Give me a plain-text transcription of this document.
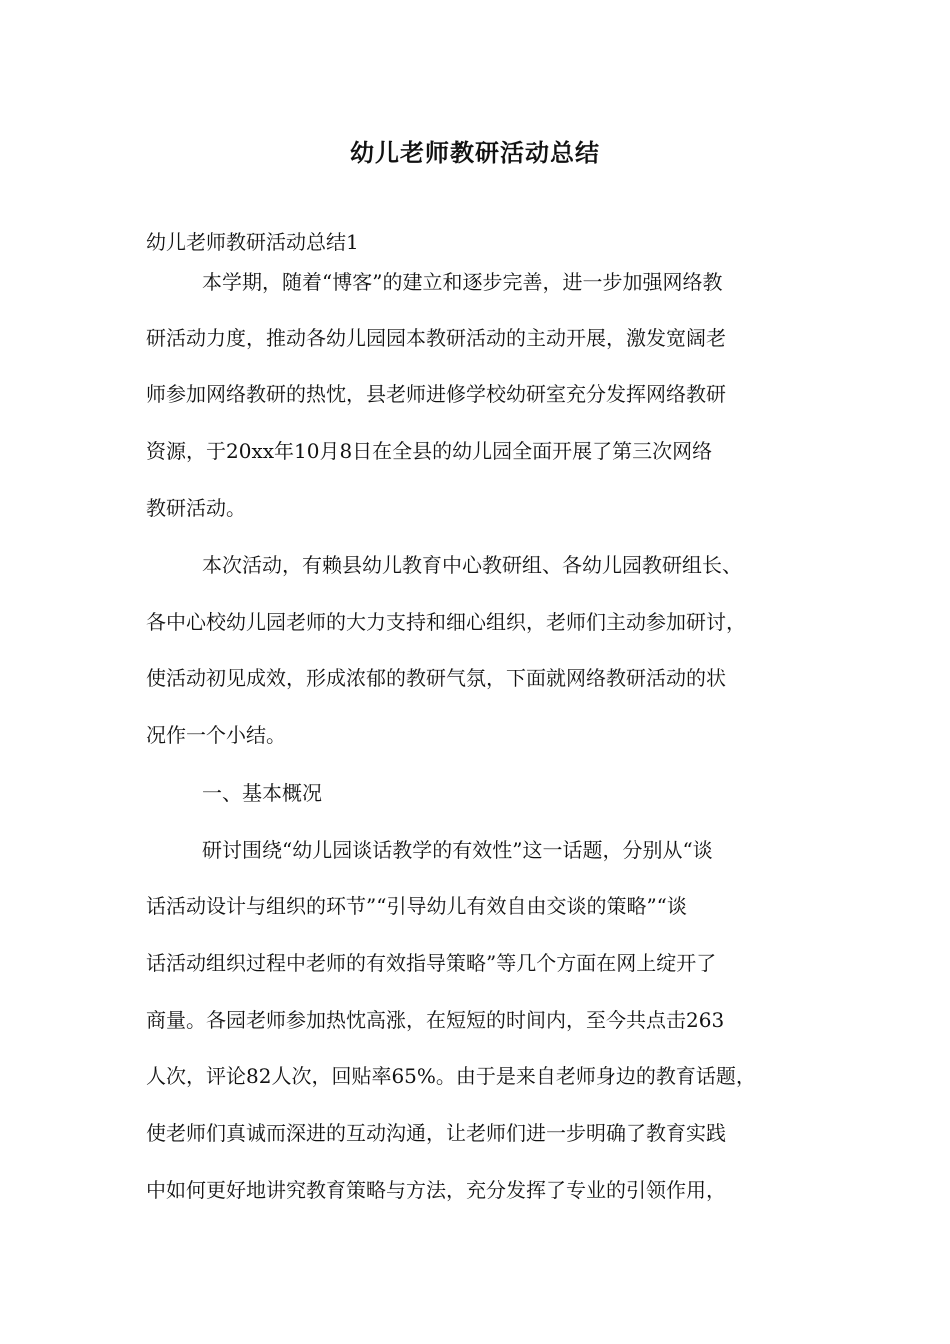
幼儿老师教研活动总结
幼儿老师教研活动总结1
本学期，随着“博客”的建立和逐步完善，进一步加强网络教
研活动力度，推动各幼儿园园本教研活动的主动开展，激发宽阔老
师参加网络教研的热忱，县老师进修学校幼研室充分发挥网络教研
资源，于20xx年10月8日在全县的幼儿园全面开展了第三次网络
教研活动。
本次活动，有赖县幼儿教育中心教研组、各幼儿园教研组长、
各中心校幼儿园老师的大力支持和细心组织，老师们主动参加研讨，
使活动初见成效，形成浓郁的教研气氛，下面就网络教研活动的状
况作一个小结。
一、基本概况
研讨围绕“幼儿园谈话教学的有效性”这一话题，分别从“谈
话活动设计与组织的环节”“引导幼儿有效自由交谈的策略”“谈
话活动组织过程中老师的有效指导策略”等几个方面在网上绽开了
商量。各园老师参加热忱高涨，在短短的时间内，至今共点击263
人次，评论82人次，回贴率65%。由于是来自老师身边的教育话题，
使老师们真诚而深进的互动沟通，让老师们进一步明确了教育实践
中如何更好地讲究教育策略与方法，充分发挥了专业的引领作用，
